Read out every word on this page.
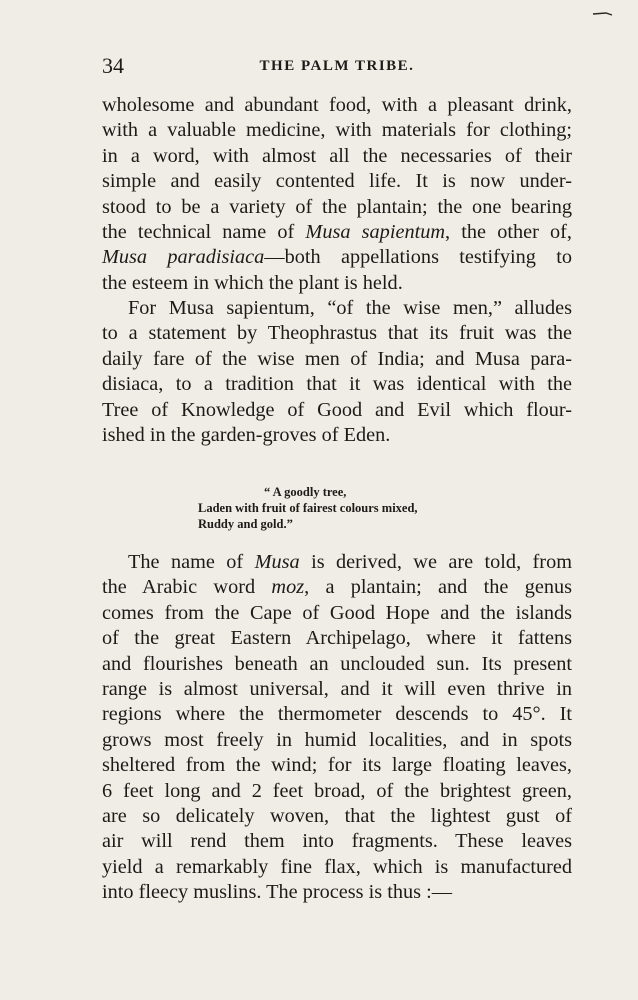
34	THE PALM TRIBE.
wholesome and abundant food, with a pleasant drink,
with a valuable medicine, with materials for clothing;
in a word, with almost all the necessaries of their
simple and easily contented life. It is now under-
stood to be a variety of the plantain; the one bearing
the technical name of Musa sapientum, the other of,
Musa paradisiaca—both appellations testifying to
the esteem in which the plant is held.
For Musa sapientum, “of the wise men,” alludes
to a statement by Theophrastus that its fruit was the
daily fare of the wise men of India; and Musa para-
disiaca, to a tradition that it was identical with the
Tree of Knowledge of Good and Evil which flour-
ished in the garden-groves of Eden.
“ A goodly tree,
Laden with fruit of fairest colours mixed,
Ruddy and gold.”
The name of Musa is derived, we are told, from
the Arabic word moz, a plantain; and the genus
comes from the Cape of Good Hope and the islands
of the great Eastern Archipelago, where it fattens
and flourishes beneath an unclouded sun. Its present
range is almost universal, and it will even thrive in
regions where the thermometer descends to 45°. It
grows most freely in humid localities, and in spots
sheltered from the wind; for its large floating leaves,
6 feet long and 2 feet broad, of the brightest green,
are so delicately woven, that the lightest gust of
air will rend them into fragments. These leaves
yield a remarkably fine flax, which is manufactured
into fleecy muslins. The process is thus :—
